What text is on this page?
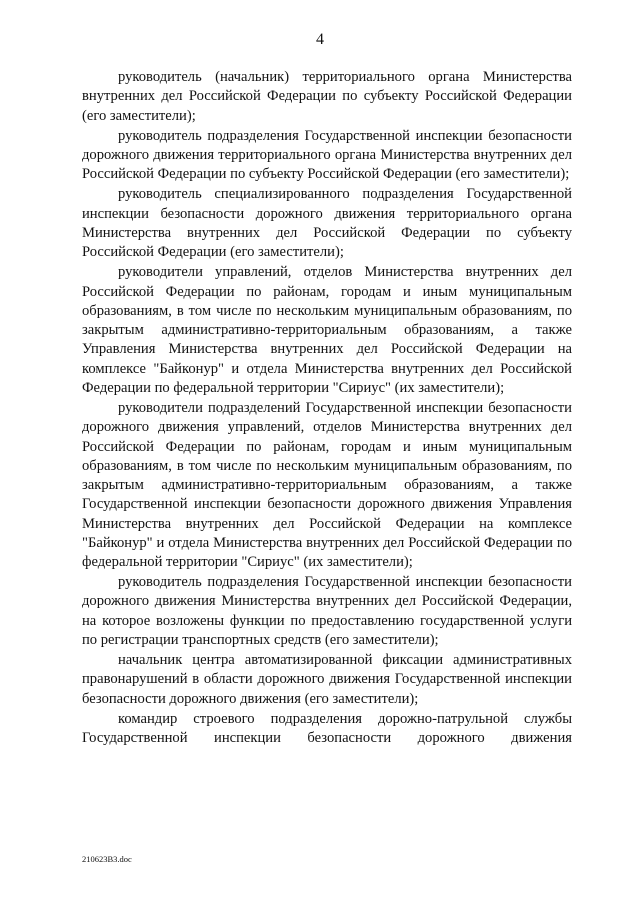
4

руководитель (начальник) территориального органа Министерства внутренних дел Российской Федерации по субъекту Российской Федерации (его заместители);

руководитель подразделения Государственной инспекции безопасности дорожного движения территориального органа Министерства внутренних дел Российской Федерации по субъекту Российской Федерации (его заместители);

руководитель специализированного подразделения Государственной инспекции безопасности дорожного движения территориального органа Министерства внутренних дел Российской Федерации по субъекту Российской Федерации (его заместители);

руководители управлений, отделов Министерства внутренних дел Российской Федерации по районам, городам и иным муниципальным образованиям, в том числе по нескольким муниципальным образованиям, по закрытым административно-территориальным образованиям, а также Управления Министерства внутренних дел Российской Федерации на комплексе "Байконур" и отдела Министерства внутренних дел Российской Федерации по федеральной территории "Сириус" (их заместители);

руководители подразделений Государственной инспекции безопасности дорожного движения управлений, отделов Министерства внутренних дел Российской Федерации по районам, городам и иным муниципальным образованиям, в том числе по нескольким муниципальным образованиям, по закрытым административно-территориальным образованиям, а также Государственной инспекции безопасности дорожного движения Управления Министерства внутренних дел Российской Федерации на комплексе "Байконур" и отдела Министерства внутренних дел Российской Федерации по федеральной территории "Сириус" (их заместители);

руководитель подразделения Государственной инспекции безопасности дорожного движения Министерства внутренних дел Российской Федерации, на которое возложены функции по предоставлению государственной услуги по регистрации транспортных средств (его заместители);

начальник центра автоматизированной фиксации административных правонарушений в области дорожного движения Государственной инспекции безопасности дорожного движения (его заместители);

командир строевого подразделения дорожно-патрульной службы Государственной инспекции безопасности дорожного движения

210623B3.doc
